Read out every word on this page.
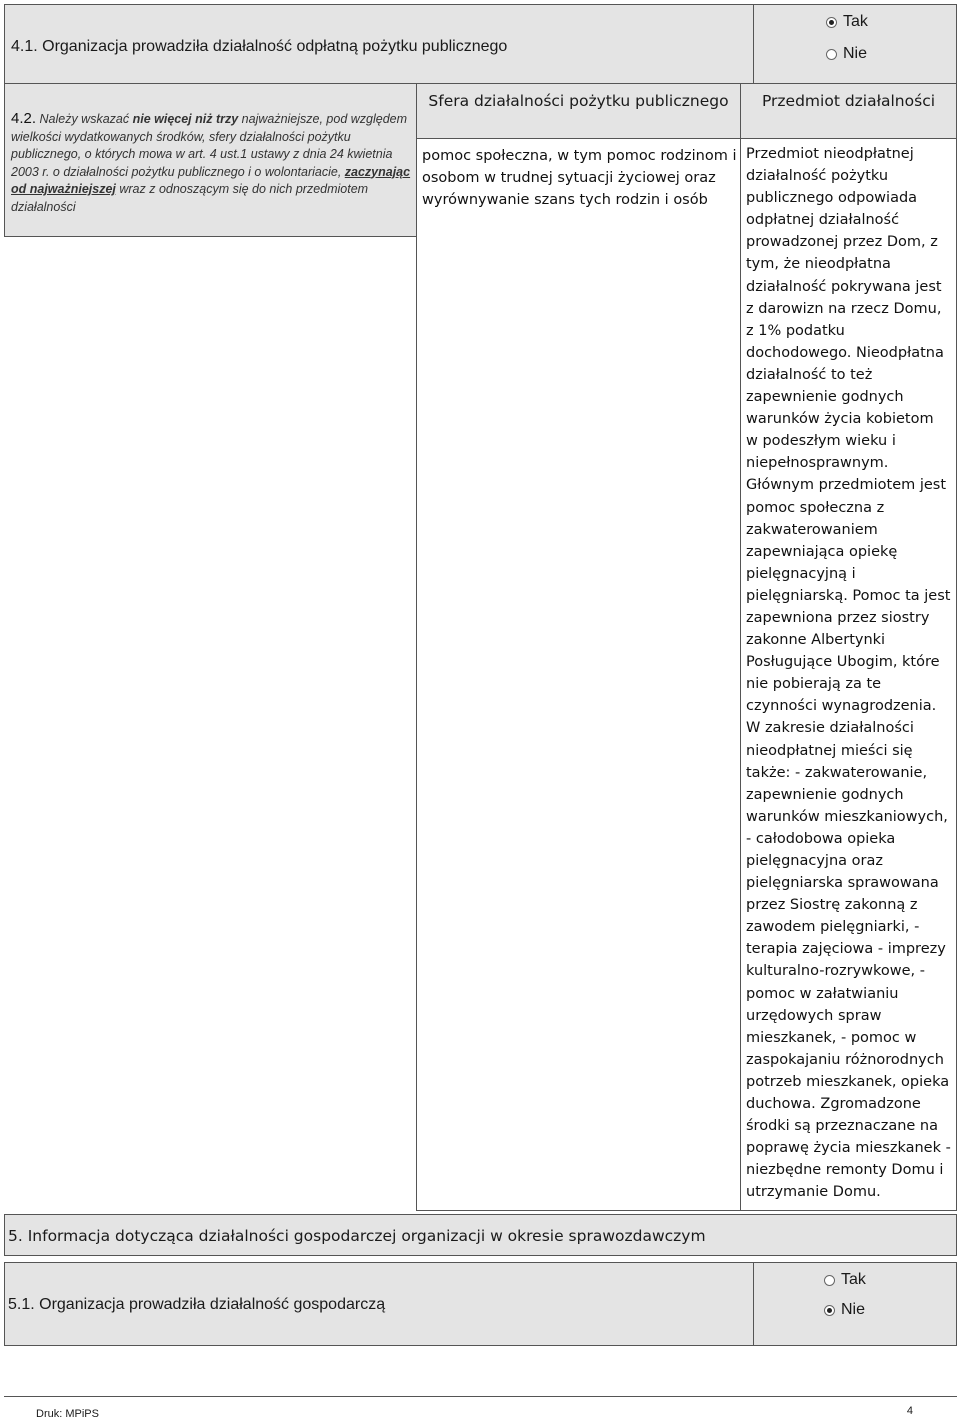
4.1. Organizacja prowadziła działalność odpłatną pożytku publicznego
Tak
Nie
4.2. Należy wskazać nie więcej niż trzy najważniejsze, pod względem wielkości wydatkowanych środków, sfery działalności pożytku publicznego, o których mowa w art. 4 ust.1 ustawy z dnia 24 kwietnia 2003 r. o działalności pożytku publicznego i o wolontariacie, zaczynając od najważniejszej wraz z odnoszącym się do nich przedmiotem działalności
Sfera działalności pożytku publicznego	Przedmiot działalności
pomoc społeczna, w tym pomoc rodzinom i osobom w trudnej sytuacji życiowej oraz wyrównywanie szans tych rodzin i osób
Przedmiot nieodpłatnej
działalność pożytku
publicznego odpowiada
odpłatnej działalność
prowadzonej przez Dom, z
tym, że nieodpłatna
działalność pokrywana jest
z darowizn na rzecz Domu,
z 1% podatku
dochodowego. Nieodpłatna
działalność to też
zapewnienie godnych
warunków życia kobietom
w podeszłym wieku i
niepełnosprawnym.
Głównym przedmiotem jest
pomoc społeczna z
zakwaterowaniem
zapewniająca opiekę
pielęgnacyjną i
pielęgniarską. Pomoc ta jest
zapewniona przez siostry
zakonne Albertynki
Posługujące Ubogim, które
nie pobierają za te
czynności wynagrodzenia.
W zakresie działalności
nieodpłatnej mieści się
także: - zakwaterowanie,
zapewnienie godnych
warunków mieszkaniowych,
- całodobowa opieka
pielęgnacyjna oraz
pielęgniarska sprawowana
przez Siostrę zakonną z
zawodem pielęgniarki, -
terapia zajęciowa - imprezy
kulturalno-rozrywkowe, -
pomoc w załatwianiu
urzędowych spraw
mieszkanek, - pomoc w
zaspokajaniu różnorodnych
potrzeb mieszkanek, opieka
duchowa. Zgromadzone
środki są przeznaczane na
poprawę życia mieszkanek -
niezbędne remonty Domu i
utrzymanie Domu.
5. Informacja dotycząca działalności gospodarczej organizacji w okresie sprawozdawczym
5.1. Organizacja prowadziła działalność gospodarczą
Tak
Nie
Druk: MPiPS	4
